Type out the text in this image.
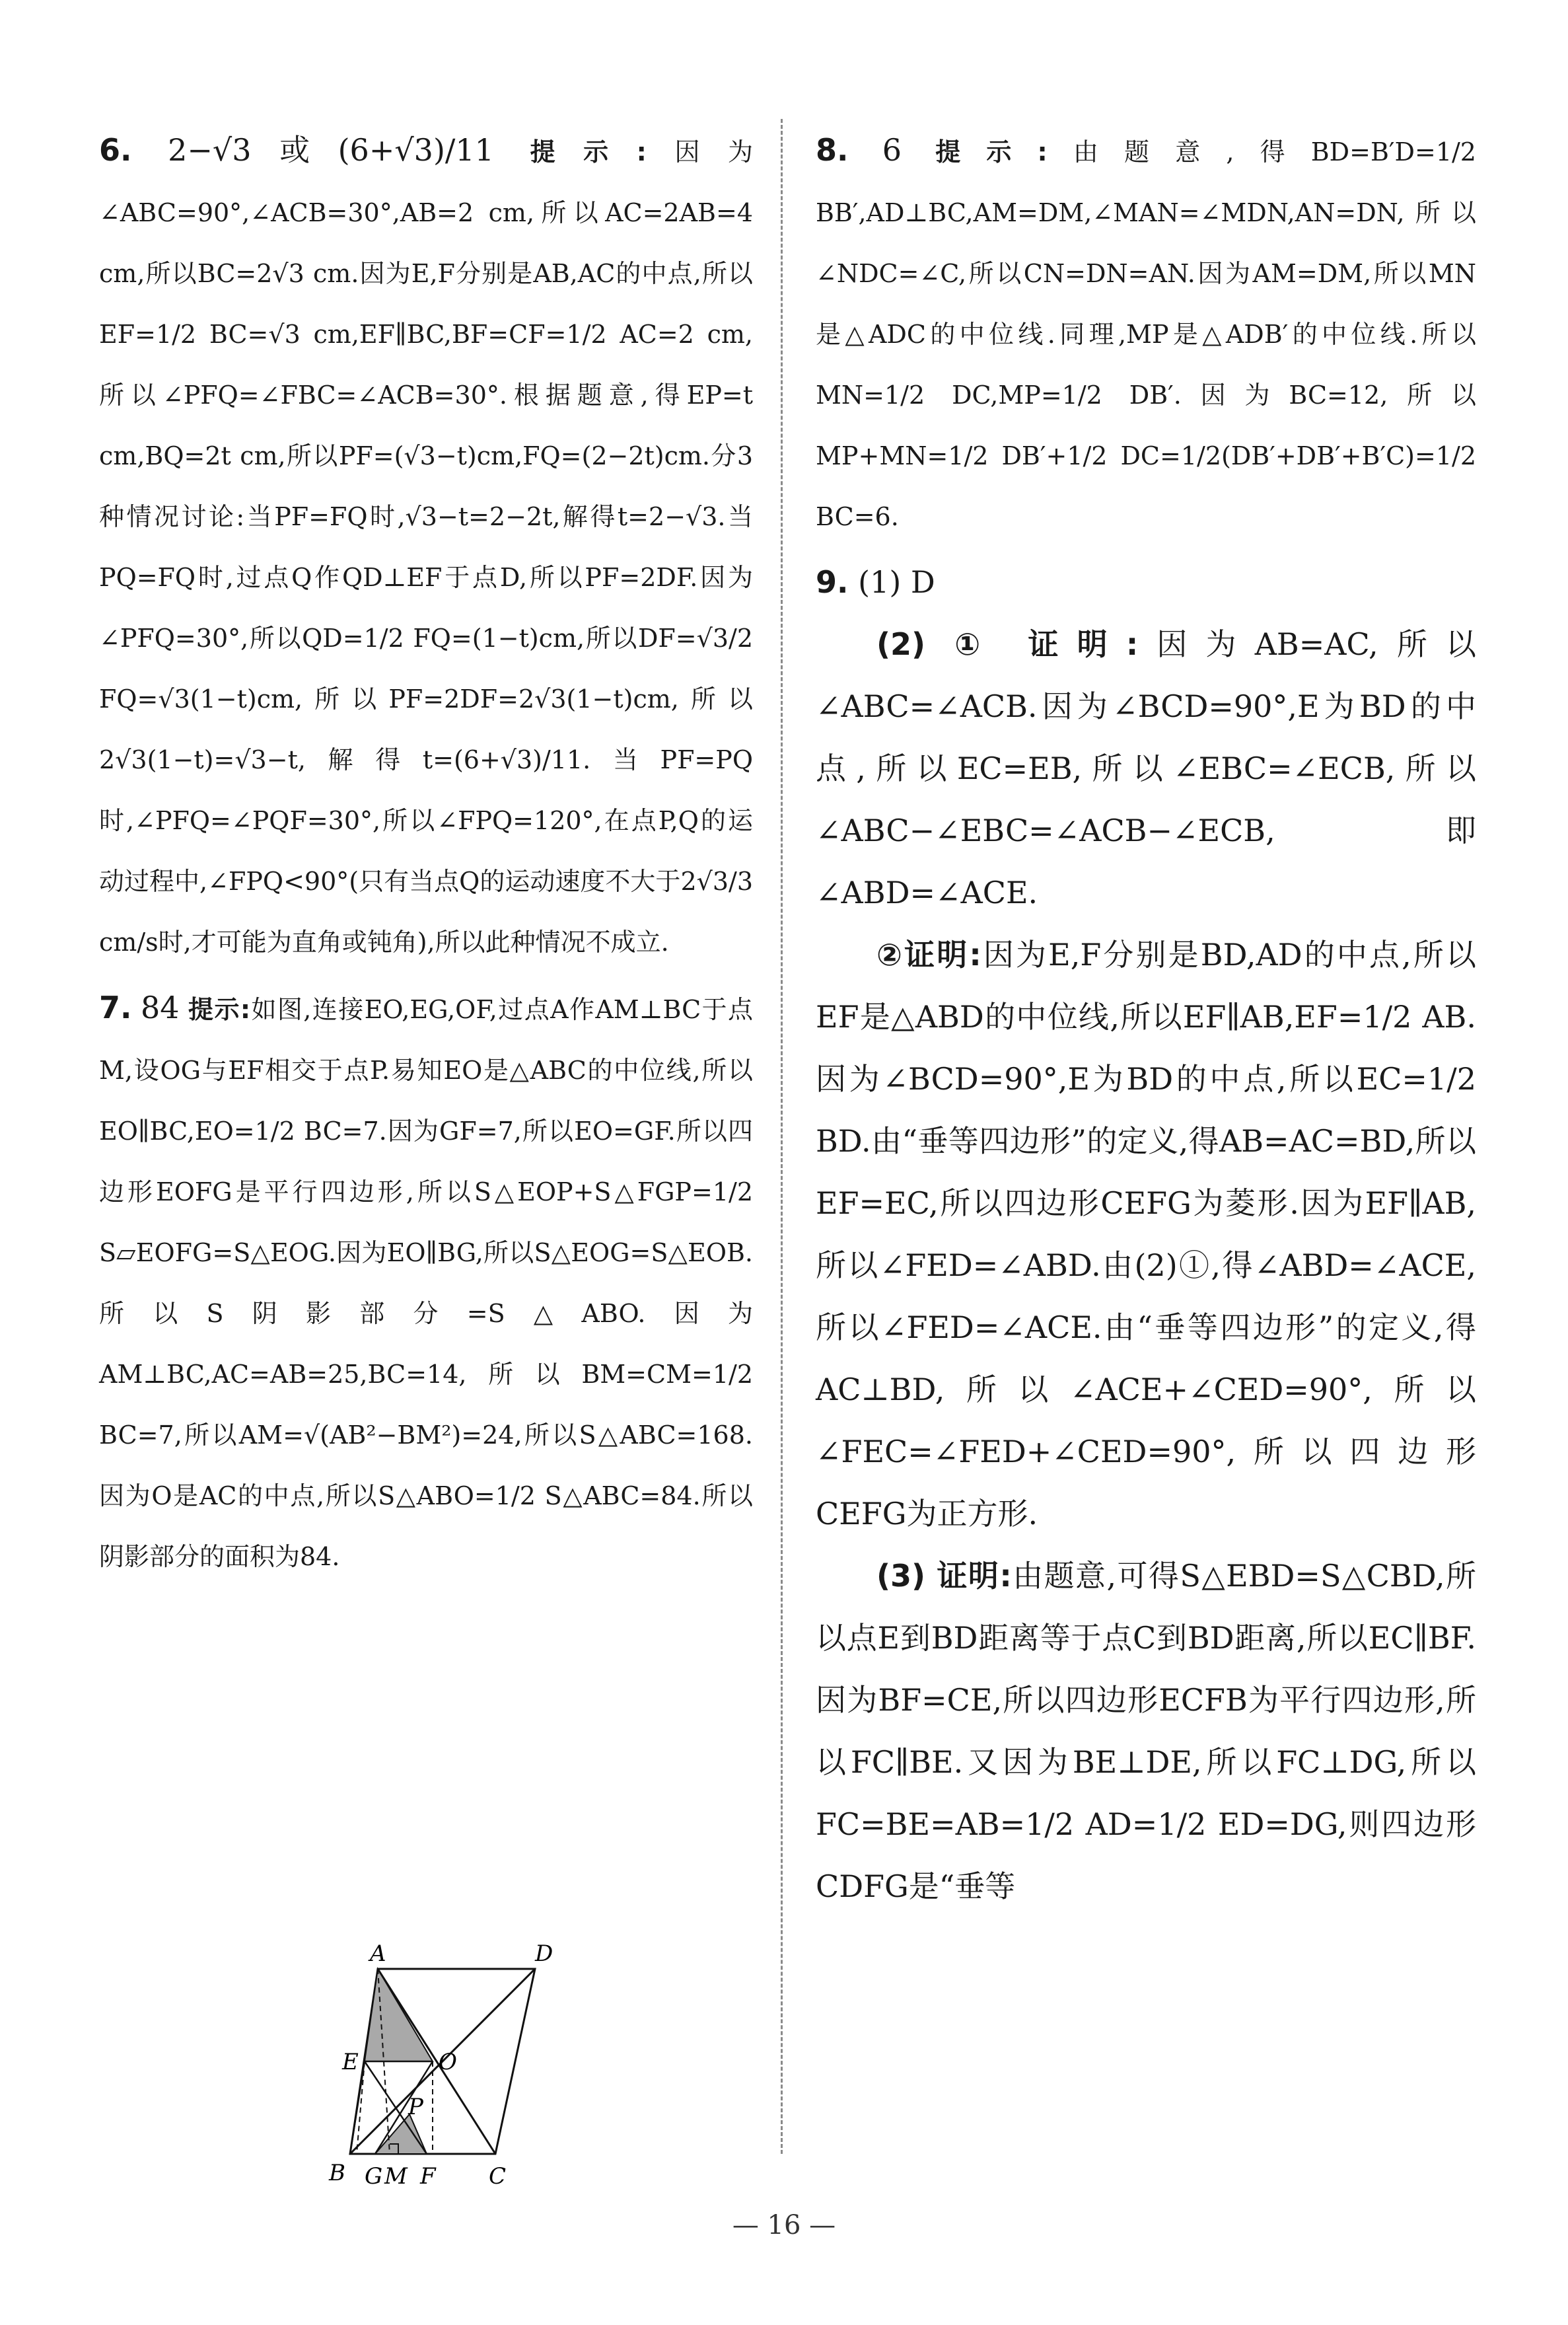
6. 2−√3或(6+√3)/11 提示:因为∠ABC=90°,∠ACB=30°,AB=2 cm,所以AC=2AB=4 cm,所以BC=2√3 cm.因为E,F分别是AB,AC的中点,所以EF=1/2 BC=√3 cm,EF∥BC,BF=CF=1/2 AC=2 cm,所以∠PFQ=∠FBC=∠ACB=30°.根据题意,得EP=t cm,BQ=2t cm,所以PF=(√3−t)cm,FQ=(2−2t)cm.分3种情况讨论:当PF=FQ时,√3−t=2−2t,解得t=2−√3.当PQ=FQ时,过点Q作QD⊥EF于点D,所以PF=2DF.因为∠PFQ=30°,所以QD=1/2 FQ=(1−t)cm,所以DF=√3/2 FQ=√3(1−t)cm,所以PF=2DF=2√3(1−t)cm,所以2√3(1−t)=√3−t,解得t=(6+√3)/11.当PF=PQ时,∠PFQ=∠PQF=30°,所以∠FPQ=120°,在点P,Q的运动过程中,∠FPQ<90°(只有当点Q的运动速度不大于2√3/3 cm/s时,才可能为直角或钝角),所以此种情况不成立.

7. 84 提示:如图,连接EO,EG,OF,过点A作AM⊥BC于点M,设OG与EF相交于点P.易知EO是△ABC的中位线,所以EO∥BC,EO=1/2 BC=7.因为GF=7,所以EO=GF.所以四边形EOFG是平行四边形,所以S△EOP+S△FGP=1/2 S▱EOFG=S△EOG.因为EO∥BG,所以S△EOG=S△EOB.所以S阴影部分=S△ABO.因为AM⊥BC,AC=AB=25,BC=14,所以BM=CM=1/2 BC=7,所以AM=√(AB²−BM²)=24,所以S△ABC=168.因为O是AC的中点,所以S△ABO=1/2 S△ABC=84.所以阴影部分的面积为84.

A	D
E	O
P
B G M F C

8. 6 提示:由题意,得BD=B′D=1/2 BB′,AD⊥BC,AM=DM,∠MAN=∠MDN,AN=DN,所以∠NDC=∠C,所以CN=DN=AN.因为AM=DM,所以MN是△ADC的中位线.同理,MP是△ADB′的中位线.所以MN=1/2 DC,MP=1/2 DB′.因为BC=12,所以MP+MN=1/2 DB′+1/2 DC=1/2(DB′+DB′+B′C)=1/2 BC=6.

9. (1) D

(2) ① 证明:因为AB=AC,所以∠ABC=∠ACB.因为∠BCD=90°,E为BD的中点,所以EC=EB,所以∠EBC=∠ECB,所以∠ABC−∠EBC=∠ACB−∠ECB,即∠ABD=∠ACE.

②证明:因为E,F分别是BD,AD的中点,所以EF是△ABD的中位线,所以EF∥AB,EF=1/2 AB.因为∠BCD=90°,E为BD的中点,所以EC=1/2 BD.由“垂等四边形”的定义,得AB=AC=BD,所以EF=EC,所以四边形CEFG为菱形.因为EF∥AB,所以∠FED=∠ABD.由(2)①,得∠ABD=∠ACE,所以∠FED=∠ACE.由“垂等四边形”的定义,得AC⊥BD,所以∠ACE+∠CED=90°,所以∠FEC=∠FED+∠CED=90°,所以四边形CEFG为正方形.

(3) 证明:由题意,可得S△EBD=S△CBD,所以点E到BD距离等于点C到BD距离,所以EC∥BF.因为BF=CE,所以四边形ECFB为平行四边形,所以FC∥BE.又因为BE⊥DE,所以FC⊥DG,所以FC=BE=AB=1/2 AD=1/2 ED=DG,则四边形CDFG是“垂等

— 16 —
